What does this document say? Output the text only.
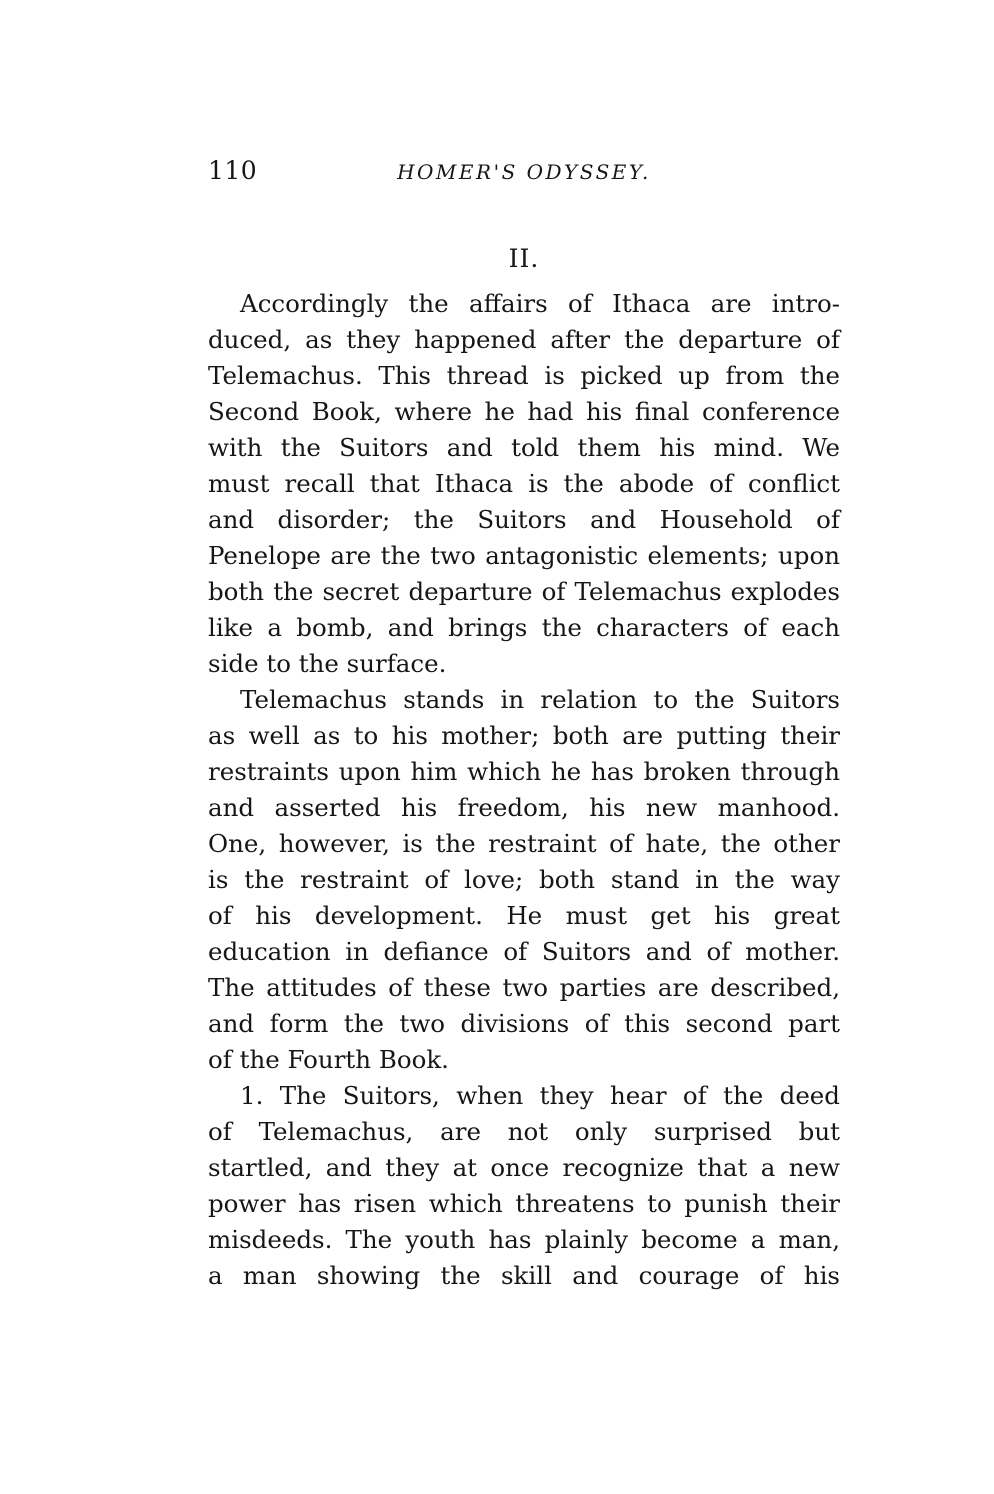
110	HOMER'S ODYSSEY.
II.
Accordingly the affairs of Ithaca are intro-
duced, as they happened after the departure of
Telemachus. This thread is picked up from the
Second Book, where he had his final conference
with the Suitors and told them his mind. We
must recall that Ithaca is the abode of conflict
and disorder; the Suitors and Household of
Penelope are the two antagonistic elements; upon
both the secret departure of Telemachus explodes
like a bomb, and brings the characters of each
side to the surface.
Telemachus stands in relation to the Suitors
as well as to his mother; both are putting their
restraints upon him which he has broken through
and asserted his freedom, his new manhood.
One, however, is the restraint of hate, the other
is the restraint of love; both stand in the way
of his development. He must get his great
education in defiance of Suitors and of mother.
The attitudes of these two parties are described,
and form the two divisions of this second part
of the Fourth Book.
1. The Suitors, when they hear of the deed
of Telemachus, are not only surprised but
startled, and they at once recognize that a new
power has risen which threatens to punish their
misdeeds. The youth has plainly become a man,
a man showing the skill and courage of his
